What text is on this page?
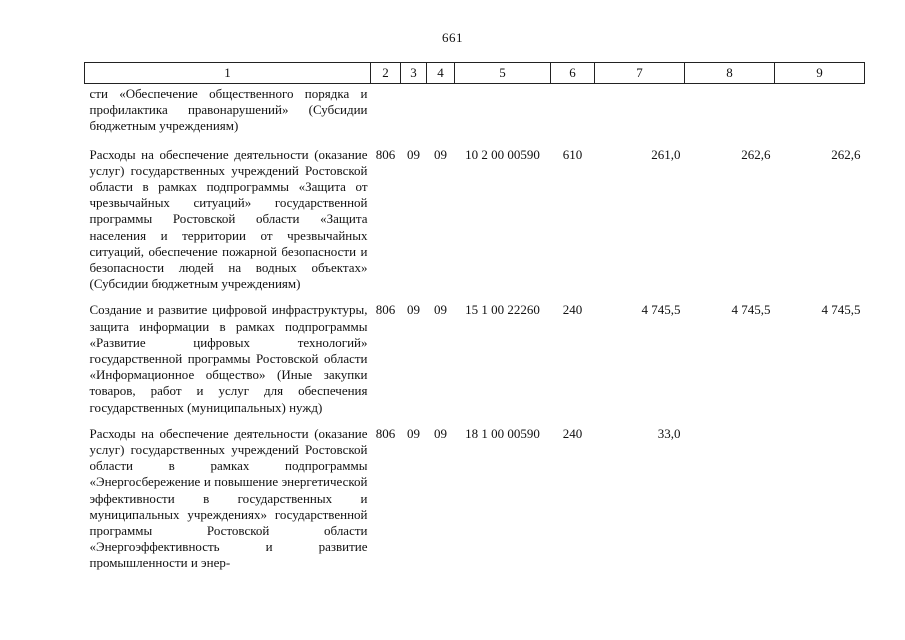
661
1	2	3	4	5	6	7	8	9
сти «Обеспечение общественного порядка и профилактика правонарушений» (Субсидии бюджетным учреждениям)								
Расходы на обеспечение деятельности (оказание услуг) государственных учреждений Ростовской области в рамках подпрограммы «Защита от чрезвычайных ситуаций» государственной программы Ростовской области «Защита населения и территории от чрезвычайных ситуаций, обеспечение пожарной безопасности и безопасности людей на водных объектах» (Субсидии бюджетным учреждениям)	806	09	09	10 2 00 00590	610	261,0	262,6	262,6
Создание и развитие цифровой инфраструктуры, защита информации в рамках подпрограммы «Развитие цифровых технологий» государственной программы Ростовской области «Информационное общество» (Иные закупки товаров, работ и услуг для обеспечения государственных (муниципальных) нужд)	806	09	09	15 1 00 22260	240	4 745,5	4 745,5	4 745,5
Расходы на обеспечение деятельности (оказание услуг) государственных учреждений Ростовской области в рамках подпрограммы «Энергосбережение и повышение энергетической эффективности в государственных и муниципальных учреждениях» государственной программы Ростовской области «Энергоэффективность и развитие промышленности и энер-	806	09	09	18 1 00 00590	240	33,0		
